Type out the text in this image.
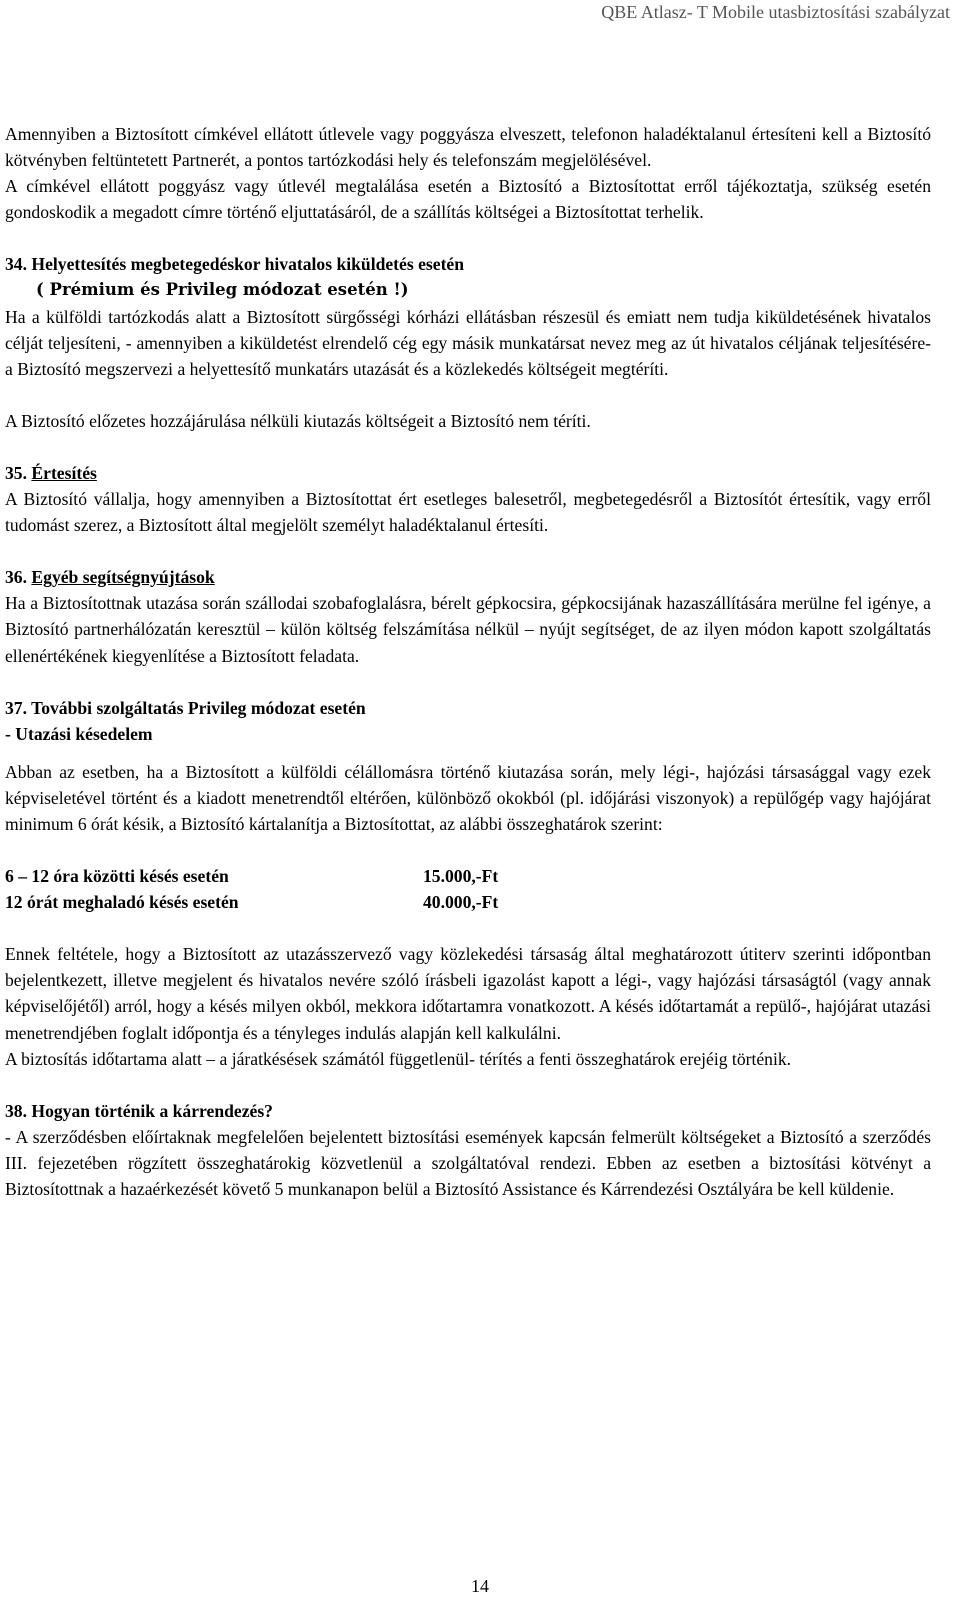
QBE Atlasz- T Mobile utasbiztosítási szabályzat

Amennyiben a Biztosított címkével ellátott útlevele vagy poggyásza elveszett, telefonon haladéktalanul értesíteni kell a Biztosító kötvényben feltüntetett Partnerét, a pontos tartózkodási hely és telefonszám megjelölésével.

A címkével ellátott poggyász vagy útlevél megtalálása esetén a Biztosító a Biztosítottat erről tájékoztatja, szükség esetén gondoskodik a megadott címre történő eljuttatásáról, de a szállítás költségei a Biztosítottat terhelik.

34. Helyettesítés megbetegedéskor hivatalos kiküldetés esetén
( Prémium és Privileg módozat esetén !)

Ha a külföldi tartózkodás alatt a Biztosított sürgősségi kórházi ellátásban részesül és emiatt nem tudja kiküldetésének hivatalos célját teljesíteni, - amennyiben a kiküldetést elrendelő cég egy másik munkatársat nevez meg az út hivatalos céljának teljesítésére- a Biztosító megszervezi a helyettesítő munkatárs utazását és a közlekedés költségeit megtéríti.

A Biztosító előzetes hozzájárulása nélküli kiutazás költségeit a Biztosító nem téríti.

35. Értesítés

A Biztosító vállalja, hogy amennyiben a Biztosítottat ért esetleges balesetről, megbetegedésről a Biztosítót értesítik, vagy erről tudomást szerez, a Biztosított által megjelölt személyt haladéktalanul értesíti.

36. Egyéb segítségnyújtások

Ha a Biztosítottnak utazása során szállodai szobafoglalásra, bérelt gépkocsira, gépkocsijának hazaszállítására merülne fel igénye, a Biztosító partnerhálózatán keresztül – külön költség felszámítása nélkül – nyújt segítséget, de az ilyen módon kapott szolgáltatás ellenértékének kiegyenlítése a Biztosított feladata.

37. További szolgáltatás Privileg módozat esetén
- Utazási késedelem

Abban az esetben, ha a Biztosított a külföldi célállomásra történő kiutazása során, mely légi-, hajózási társasággal vagy ezek képviseletével történt és a kiadott menetrendtől eltérően, különböző okokból (pl. időjárási viszonyok) a repülőgép vagy hajójárat minimum 6 órát késik, a Biztosító kártalanítja a Biztosítottat, az alábbi összeghatárok szerint:

6 – 12 óra közötti késés esetén	15.000,-Ft
12 órát meghaladó késés esetén	40.000,-Ft

Ennek feltétele, hogy a Biztosított az utazásszervező vagy közlekedési társaság által meghatározott útiterv szerinti időpontban bejelentkezett, illetve megjelent és hivatalos nevére szóló írásbeli igazolást kapott a légi-, vagy hajózási társaságtól (vagy annak képviselőjétől) arról, hogy a késés milyen okból, mekkora időtartamra vonatkozott. A késés időtartamát a repülő-, hajójárat utazási menetrendjében foglalt időpontja és a tényleges indulás alapján kell kalkulálni.

A biztosítás időtartama alatt – a járatkésések számától függetlenül- térítés a fenti összeghatárok erejéig történik.

38. Hogyan történik a kárrendezés?

- A szerződésben előírtaknak megfelelően bejelentett biztosítási események kapcsán felmerült költségeket a Biztosító a szerződés III. fejezetében rögzített összeghatárokig közvetlenül a szolgáltatóval rendezi. Ebben az esetben a biztosítási kötvényt a Biztosítottnak a hazaérkezését követő 5 munkanapon belül a Biztosító Assistance és Kárrendezési Osztályára be kell küldenie.

14
